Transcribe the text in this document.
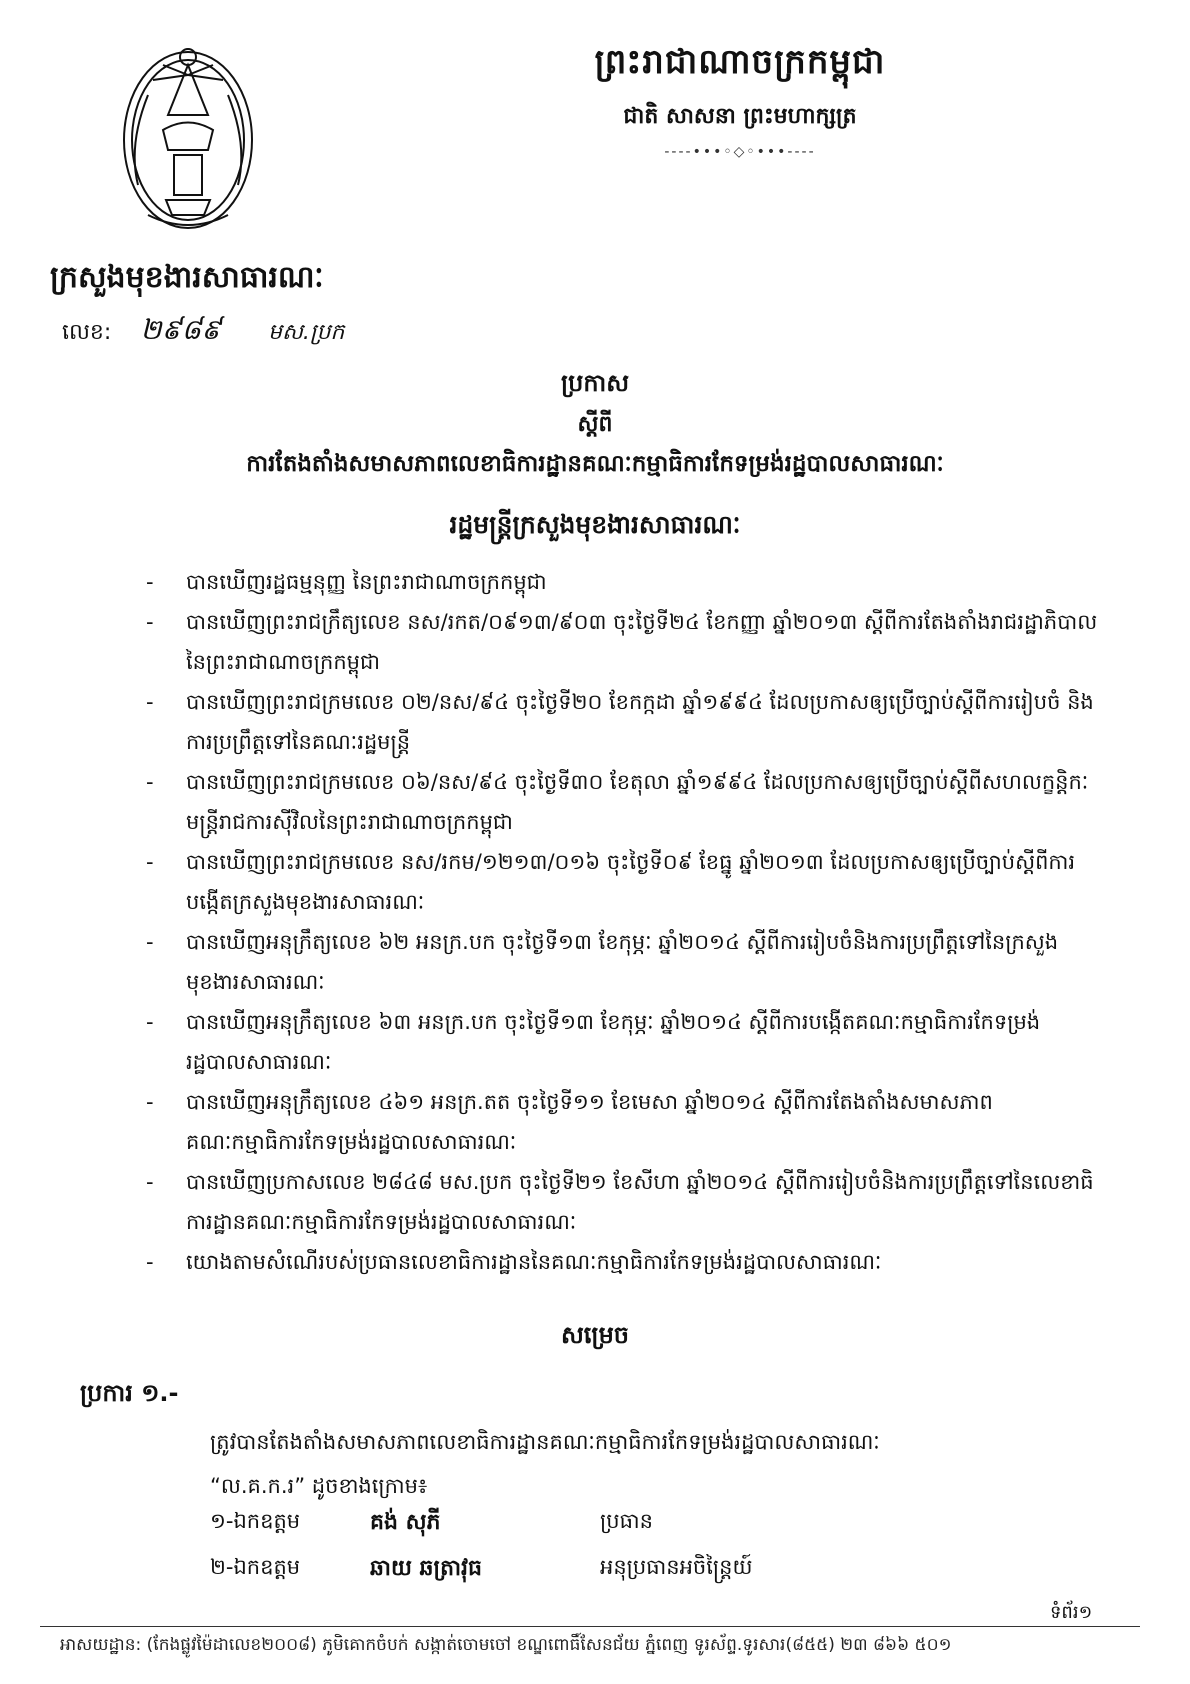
ព្រះរាជាណាចក្រកម្ពុជា
ជាតិ សាសនា ព្រះមហាក្សត្រ
----•••◦◇◦•••----
ក្រសួងមុខងារសាធារណៈ
លេខ: ២៩៨៩ មស.ប្រក
ប្រកាស
ស្តីពី
ការតែងតាំងសមាសភាពលេខាធិការដ្ឋានគណៈកម្មាធិការកែទម្រង់រដ្ឋបាលសាធារណៈ
រដ្ឋមន្ត្រីក្រសួងមុខងារសាធារណៈ
- បានឃើញរដ្ឋធម្មនុញ្ញ នៃព្រះរាជាណាចក្រកម្ពុជា
- បានឃើញព្រះរាជក្រឹត្យលេខ នស/រកត/០៩១៣/៩០៣ ចុះថ្ងៃទី២៤ ខែកញ្ញា ឆ្នាំ២០១៣ ស្តីពីការតែងតាំងរាជរដ្ឋាភិបាល នៃព្រះរាជាណាចក្រកម្ពុជា
- បានឃើញព្រះរាជក្រមលេខ ០២/នស/៩៤ ចុះថ្ងៃទី២០ ខែកក្កដា ឆ្នាំ១៩៩៤ ដែលប្រកាសឲ្យប្រើច្បាប់ស្តីពីការរៀបចំ និងការប្រព្រឹត្តទៅនៃគណៈរដ្ឋមន្ត្រី
- បានឃើញព្រះរាជក្រមលេខ ០៦/នស/៩៤ ចុះថ្ងៃទី៣០ ខែតុលា ឆ្នាំ១៩៩៤ ដែលប្រកាសឲ្យប្រើច្បាប់ស្តីពីសហលក្ខន្តិកៈមន្ត្រីរាជការស៊ីវិលនៃព្រះរាជាណាចក្រកម្ពុជា
- បានឃើញព្រះរាជក្រមលេខ នស/រកម/១២១៣/០១៦ ចុះថ្ងៃទី០៩ ខែធ្នូ ឆ្នាំ២០១៣ ដែលប្រកាសឲ្យប្រើច្បាប់ស្តីពីការបង្កើតក្រសួងមុខងារសាធារណៈ
- បានឃើញអនុក្រឹត្យលេខ ៦២ អនក្រ.បក ចុះថ្ងៃទី១៣ ខែកុម្ភៈ ឆ្នាំ២០១៤ ស្តីពីការរៀបចំនិងការប្រព្រឹត្តទៅនៃក្រសួងមុខងារសាធារណៈ
- បានឃើញអនុក្រឹត្យលេខ ៦៣ អនក្រ.បក ចុះថ្ងៃទី១៣ ខែកុម្ភៈ ឆ្នាំ២០១៤ ស្តីពីការបង្កើតគណៈកម្មាធិការកែទម្រង់រដ្ឋបាលសាធារណៈ
- បានឃើញអនុក្រឹត្យលេខ ៤៦១ អនក្រ.តត ចុះថ្ងៃទី១១ ខែមេសា ឆ្នាំ២០១៤ ស្តីពីការតែងតាំងសមាសភាពគណៈកម្មាធិការកែទម្រង់រដ្ឋបាលសាធារណៈ
- បានឃើញប្រកាសលេខ ២៨៤៨ មស.ប្រក ចុះថ្ងៃទី២១ ខែសីហា ឆ្នាំ២០១៤ ស្តីពីការរៀបចំនិងការប្រព្រឹត្តទៅនៃលេខាធិការដ្ឋានគណៈកម្មាធិការកែទម្រង់រដ្ឋបាលសាធារណៈ
- យោងតាមសំណើរបស់ប្រធានលេខាធិការដ្ឋាននៃគណៈកម្មាធិការកែទម្រង់រដ្ឋបាលសាធារណៈ
សម្រេច
ប្រការ ១.-
ត្រូវបានតែងតាំងសមាសភាពលេខាធិការដ្ឋានគណៈកម្មាធិការកែទម្រង់រដ្ឋបាលសាធារណៈ
“ល.គ.ក.រ” ដូចខាងក្រោម៖
១-ឯកឧត្តម	គង់ សុភី	ប្រធាន
២-ឯកឧត្តម	ឆាយ ឆត្រាវុធ	អនុប្រធានអចិន្ត្រៃយ៍
ទំព័រ១
អាសយដ្ឋាន: (កែងផ្លូវម៉ៃដាលេខ២០០៨) ភូមិគោកចំបក់ សង្កាត់ចោមចៅ ខណ្ឌពោធិ៍សែនជ័យ ភ្នំពេញ ទូរស័ព្ទ.ទូរសារ(៨៥៥) ២៣ ៨៦៦ ៥០១
